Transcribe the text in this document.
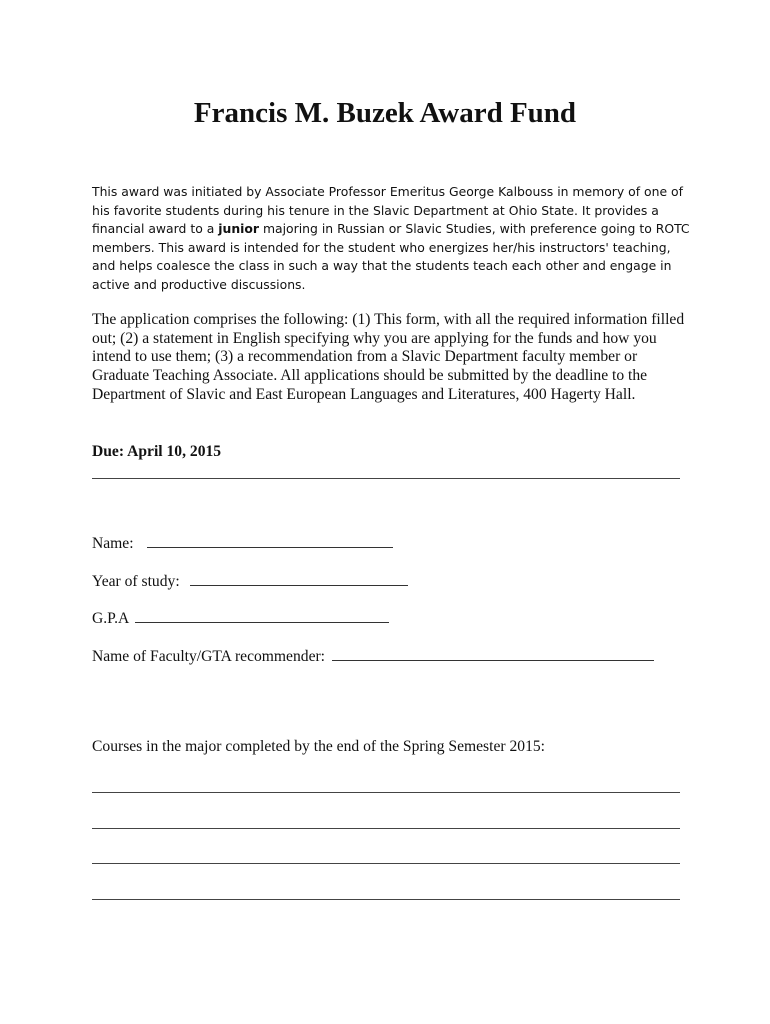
Francis M. Buzek Award Fund

This award was initiated by Associate Professor Emeritus George Kalbouss in memory of one of his favorite students during his tenure in the Slavic Department at Ohio State. It provides a financial award to a junior majoring in Russian or Slavic Studies, with preference going to ROTC members. This award is intended for the student who energizes her/his instructors' teaching, and helps coalesce the class in such a way that the students teach each other and engage in active and productive discussions.

The application comprises the following: (1) This form, with all the required information filled out; (2) a statement in English specifying why you are applying for the funds and how you intend to use them; (3) a recommendation from a Slavic Department faculty member or Graduate Teaching Associate. All applications should be submitted by the deadline to the Department of Slavic and East European Languages and Literatures, 400 Hagerty Hall.

Due: April 10, 2015

Name:
Year of study:
G.P.A
Name of Faculty/GTA recommender:

Courses in the major completed by the end of the Spring Semester 2015:
